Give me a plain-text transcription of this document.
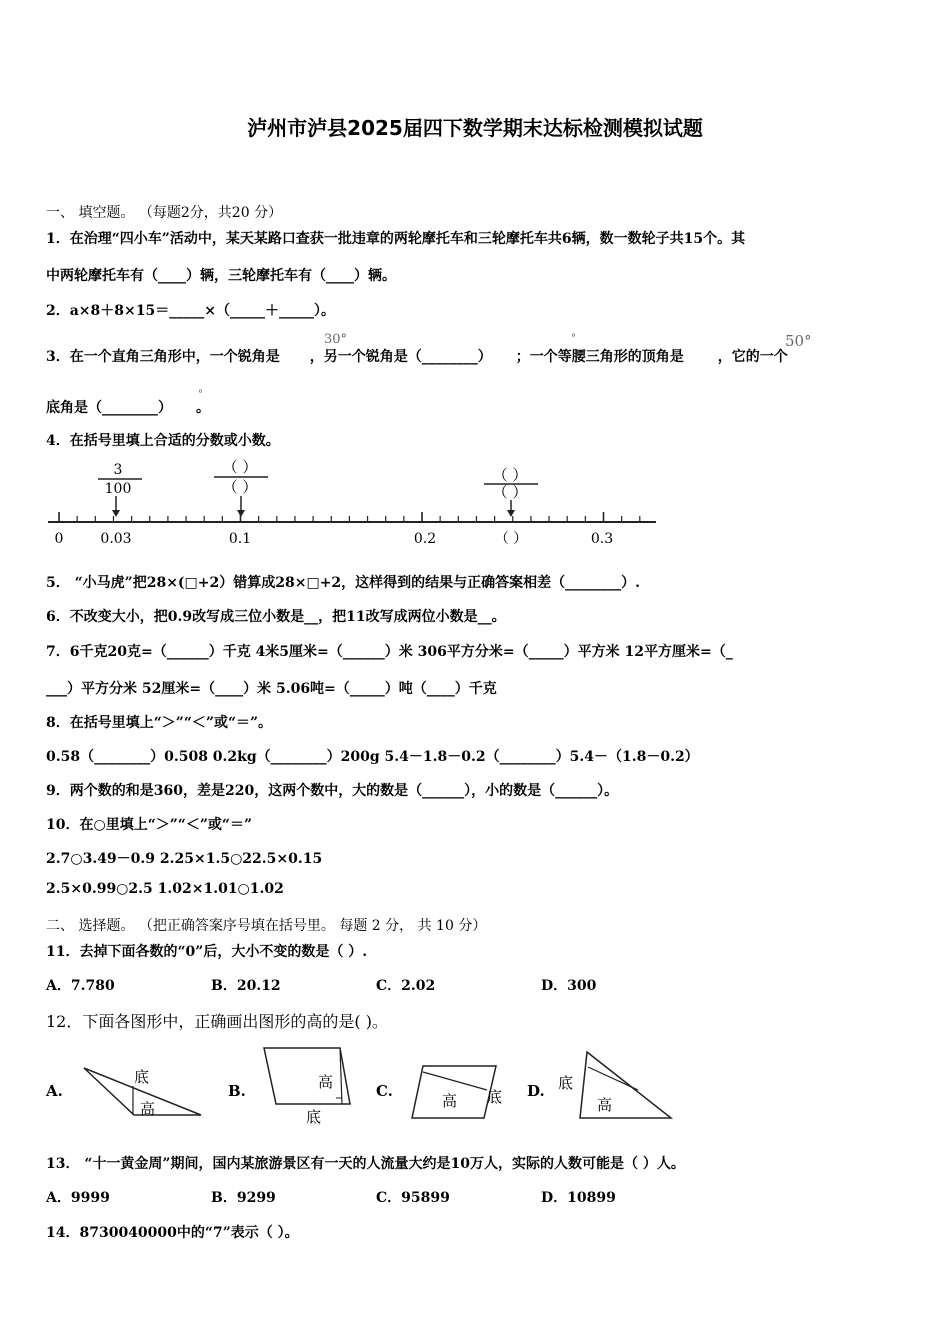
泸州市泸县2025届四下数学期末达标检测模拟试题
一、 填空题。 （每题2分，共20 分）
1．在治理“四小车”活动中，某天某路口查获一批违章的两轮摩托车和三轮摩托车共6辆，数一数轮子共15个。其
中两轮摩托车有（____）辆，三轮摩托车有（____）辆。
2．a×8＋8×15＝_____×（_____＋_____）。
3．在一个直角三角形中，一个锐角是 ，另一个锐角是（________） ；一个等腰三角形的顶角是 ，它的一个
30°	°	50°
底角是（________） 。
°
4．在括号里填上合适的分数或小数。
3
100
（ ）
（ ）
（ ）
（ ）
0	0.03	0.1	0.2	（ ）	0.3
5． “小马虎”把28×(□+2）错算成28×□+2，这样得到的结果与正确答案相差（________）.
6．不改变大小，把0.9改写成三位小数是__，把11改写成两位小数是__。
7．6千克20克=（______）千克 4米5厘米=（______）米 306平方分米=（_____）平方米 12平方厘米=（_
___）平方分米 52厘米=（____）米 5.06吨=（_____）吨（____）千克
8．在括号里填上“＞”“＜”或“＝”。
0.58（________）0.508 0.2kg（________）200g 5.4－1.8－0.2（________）5.4－（1.8－0.2）
9．两个数的和是360，差是220，这两个数中，大的数是（______），小的数是（______）。
10．在○里填上“＞”“＜”或“＝”
2.7○3.49－0.9 2.25×1.5○22.5×0.15
2.5×0.99○2.5 1.02×1.01○1.02
二、 选择题。 （把正确答案序号填在括号里。 每题 2 分， 共 10 分）
11．去掉下面各数的“0”后，大小不变的数是（ ）.
A．7.780	B．20.12	C．2.02	D．300
12．下面各图形中，正确画出图形的高的是( )。
A.
底
高
B.	高
底
C.
高 底 D. 底
高
13． “十一黄金周”期间，国内某旅游景区有一天的人流量大约是10万人，实际的人数可能是（ ）人。
A．9999	B．9299	C．95899	D．10899
14．8730040000中的“7”表示（ ）。
